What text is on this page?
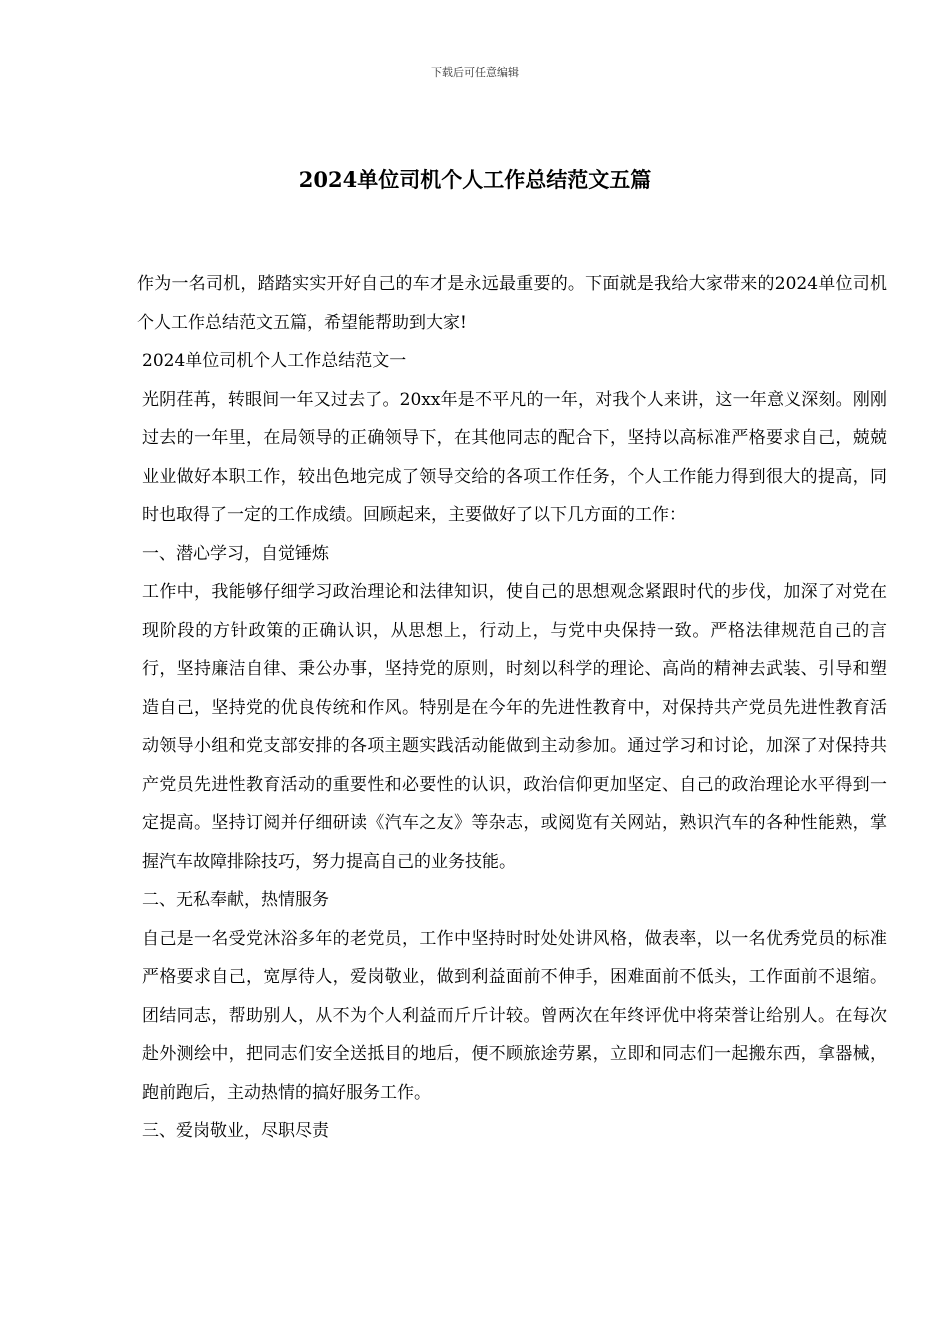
下载后可任意编辑
2024单位司机个人工作总结范文五篇

作为一名司机，踏踏实实开好自己的车才是永远最重要的。下面就是我给大家带来的2024单位司机个人工作总结范文五篇，希望能帮助到大家!

2024单位司机个人工作总结范文一

光阴荏苒，转眼间一年又过去了。20xx年是不平凡的一年，对我个人来讲，这一年意义深刻。刚刚过去的一年里，在局领导的正确领导下，在其他同志的配合下，坚持以高标准严格要求自己，兢兢业业做好本职工作，较出色地完成了领导交给的各项工作任务，个人工作能力得到很大的提高，同时也取得了一定的工作成绩。回顾起来，主要做好了以下几方面的工作：

一、潜心学习，自觉锤炼

工作中，我能够仔细学习政治理论和法律知识，使自己的思想观念紧跟时代的步伐，加深了对党在现阶段的方针政策的正确认识，从思想上，行动上，与党中央保持一致。严格法律规范自己的言行，坚持廉洁自律、秉公办事，坚持党的原则，时刻以科学的理论、高尚的精神去武装、引导和塑造自己，坚持党的优良传统和作风。特别是在今年的先进性教育中，对保持共产党员先进性教育活动领导小组和党支部安排的各项主题实践活动能做到主动参加。通过学习和讨论，加深了对保持共产党员先进性教育活动的重要性和必要性的认识，政治信仰更加坚定、自己的政治理论水平得到一定提高。坚持订阅并仔细研读《汽车之友》等杂志，或阅览有关网站，熟识汽车的各种性能熟，掌握汽车故障排除技巧，努力提高自己的业务技能。

二、无私奉献，热情服务

自己是一名受党沐浴多年的老党员，工作中坚持时时处处讲风格，做表率，以一名优秀党员的标准严格要求自己，宽厚待人，爱岗敬业，做到利益面前不伸手，困难面前不低头，工作面前不退缩。团结同志，帮助别人，从不为个人利益而斤斤计较。曾两次在年终评优中将荣誉让给别人。在每次赴外测绘中，把同志们安全送抵目的地后，便不顾旅途劳累，立即和同志们一起搬东西，拿器械，跑前跑后，主动热情的搞好服务工作。

三、爱岗敬业，尽职尽责
